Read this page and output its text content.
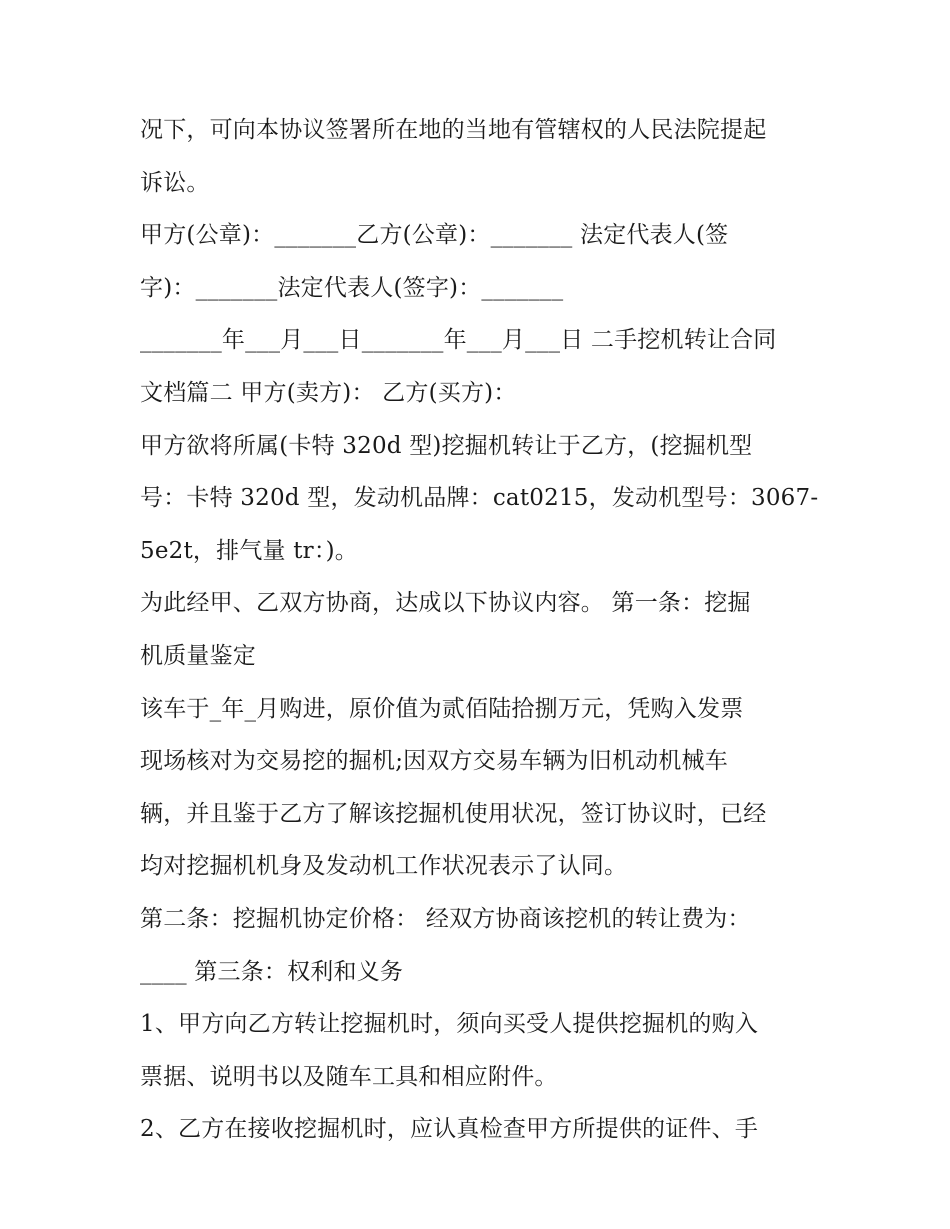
况下，可向本协议签署所在地的当地有管辖权的人民法院提起
诉讼。
甲方(公章)：_______乙方(公章)：_______ 法定代表人(签
字)：_______法定代表人(签字)：_______
_______年___月___日_______年___月___日 二手挖机转让合同
文档篇二 甲方(卖方)： 乙方(买方)：
甲方欲将所属(卡特 320d 型)挖掘机转让于乙方，(挖掘机型
号：卡特 320d 型，发动机品牌：cat0215，发动机型号：3067-
5e2t，排气量 tr：)。
为此经甲、乙双方协商，达成以下协议内容。 第一条：挖掘
机质量鉴定
该车于_年_月购进，原价值为贰佰陆拾捌万元，凭购入发票
现场核对为交易挖的掘机;因双方交易车辆为旧机动机械车
辆，并且鉴于乙方了解该挖掘机使用状况，签订协议时，已经
均对挖掘机机身及发动机工作状况表示了认同。
第二条：挖掘机协定价格： 经双方协商该挖机的转让费为：
____ 第三条：权利和义务
1、甲方向乙方转让挖掘机时，须向买受人提供挖掘机的购入
票据、说明书以及随车工具和相应附件。
2、乙方在接收挖掘机时，应认真检查甲方所提供的证件、手
